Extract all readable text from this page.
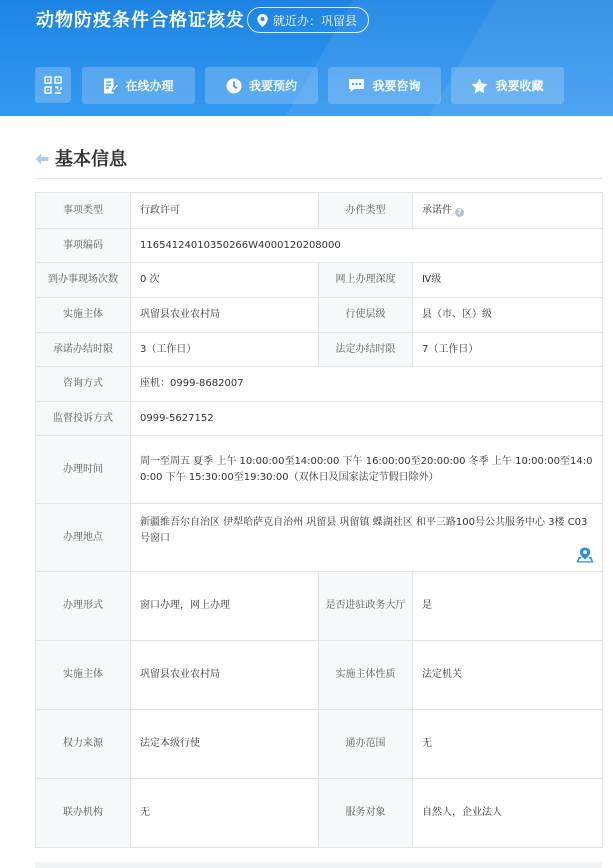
动物防疫条件合格证核发 就近办：巩留县
在线办理	我要预约	我要咨询	我要收藏
基本信息
事项类型	行政许可	办件类型	承诺件 ?
事项编码	11654124010350266W4000120208000		
到办事现场次数	0 次	网上办理深度	Ⅳ级
实施主体	巩留县农业农村局	行使层级	县（市、区）级
承诺办结时限	3（工作日）	法定办结时限	7（工作日）
咨询方式	座机：0999-8682007		
监督投诉方式	0999-5627152		
办理时间	周一至周五 夏季 上午 10:00:00至14:00:00 下午 16:00:00至20:00:00 冬季 上午 10:00:00至14:00:00 下午 15:30:00至19:30:00（双休日及国家法定节假日除外）		
办理地点	新疆维吾尔自治区 伊犁哈萨克自治州 巩留县 巩留镇 蝶湖社区 和平三路100号公共服务中心 3楼 C03号窗口		

办理形式	窗口办理，网上办理	是否进驻政务大厅	是
实施主体	巩留县农业农村局	实施主体性质	法定机关
权力来源	法定本级行使	通办范围	无
联办机构	无	服务对象	自然人，企业法人
